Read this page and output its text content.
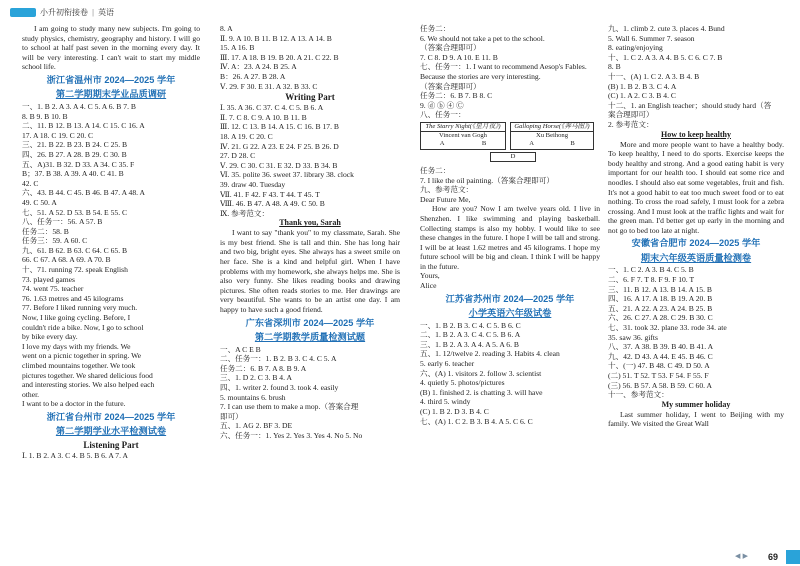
小升初衔接卷 | 英语

I am going to study many new subjects. I'm going to study physics, chemistry, geography and history. I will go to school at half past seven in the morning every day. It will be very interesting. I can't wait to start my middle school life.

浙江省温州市 2024—2025 学年
第二学期期末学业品质调研
一、1. B 2. A 3. A 4. C 5. A 6. B 7. B
8. B 9. B 10. B
二、11. B 12. B 13. A 14. C 15. C 16. A
17. A 18. C 19. C 20. C
三、21. B 22. B 23. B 24. C 25. B
四、26. B 27. A 28. B 29. C 30. B
五、A)31. B 32. D 33. A 34. C 35. F
B；37. B 38. A 39. A 40. C 41. B
42. C
六、43. B 44. C 45. B 46. B 47. A 48. A
49. C 50. A
七、51. A 52. D 53. B 54. E 55. C
八、任务一：56. A 57. B
任务二：58. B
任务三：59. A 60. C
九、61. B 62. B 63. C 64. C 65. B
66. C 67. A 68. A 69. A 70. B
十、71. running 72. speak English
73. played games
74. went 75. teacher
76. 1.63 metres and 45 kilograms
77. Before I liked running very much.
Now, I like going cycling. Before, I
couldn't ride a bike. Now, I go to school
by bike every day.
I love my days with my friends. We
went on a picnic together in spring. We
climbed mountains together. We took
pictures together. We shared delicious food
and interesting stories. We also helped each
other.
I want to be a doctor in the future.
浙江省台州市 2024—2025 学年
第二学期学业水平检测试卷
Listening Part
Ⅰ. 1. B 2. A 3. C 4. B 5. B 6. A 7. A
8. A
Ⅱ. 9. A 10. B 11. B 12. A 13. A 14. B
15. A 16. B
Ⅲ. 17. A 18. B 19. B 20. A 21. C 22. B
Ⅳ. A：23. A 24. B 25. A
B：26. A 27. B 28. A
Ⅴ. 29. F 30. E 31. A 32. B 33. C
Writing Part
Ⅰ. 35. A 36. C 37. C 4. C 5. B 6. A
Ⅱ. 7. C 8. C 9. A 10. B 11. B
Ⅲ. 12. C 13. B 14. A 15. C 16. B 17. B
18. A 19. C 20. C
Ⅳ. 21. G 22. A 23. E 24. F 25. B 26. D
27. D 28. C
Ⅴ. 29. C 30. C 31. E 32. D 33. B 34. B
Ⅵ. 35. polite 36. sweet 37. library 38. clock
39. draw 40. Tuesday
Ⅶ. 41. F 42. F 43. T 44. T 45. T
Ⅷ. 46. B 47. A 48. A 49. C 50. B
Ⅸ. 参考范文：
Thank you, Sarah

I want to say "thank you" to my classmate, Sarah. She is my best friend. She is tall and thin. She has long hair and two big, bright eyes. She always has a sweet smile on her face. She is a kind and helpful girl. When I have problems with my homework, she always helps me. She is also very funny. She likes reading books and drawing pictures. She often reads stories to me. Her drawings are very beautiful. She wants to be an artist one day. I am happy to have such a good friend.

广东省深圳市 2024—2025 学年
第二学期教学质量检测试题
一、A C E B
二、任务一：1. B 2. B 3. C 4. C 5. A
任务二：6. B 7. A 8. B 9. A
三、1. D 2. C 3. B 4. A
四、1. writer 2. found 3. took 4. easily
5. mountains 6. brush
7. I can use them to make a mop.（答案合理
即可）
五、1. AG 2. BF 3. DE
六、任务一：1. Yes 2. Yes 3. Yes 4. No 5. No
任务二：
6. We should not take a pet to the school.
（答案合理即可）
7. C 8. D 9. A 10. E 11. B
七、任务一：1. I want to recommend Aesop's Fables.
Because the stories are very interesting.
（答案合理即可）
任务二：6. B 7. B 8. C
9. ⓓ ⓑ ④ Ⓒ
八、任务一：
The Starry Night(《星月夜》)
Vincent van Gogh
A	B
Galloping Horse(《奔马图》)
Xu Beihong
A	B
D
任务二：
7. I like the oil painting.（答案合理即可）
九、参考范文：
Dear Future Me,

How are you? Now I am twelve years old. I live in Shenzhen. I like swimming and playing basketball. Collecting stamps is also my hobby. I would like to see these changes in the future. I hope I will be tall and strong. I will be at least 1.62 metres and 45 kilograms. I hope my future school will be big and clean. I think I will be happy in the future.

Yours,
Alice
江苏省苏州市 2024—2025 学年
小学英语六年级试卷
一、1. B 2. B 3. C 4. C 5. B 6. C
二、1. B 2. A 3. C 4. C 5. B 6. A
三、1. B 2. A 3. A 4. A 5. A 6. B
五、1. 12/twelve 2. reading 3. Habits 4. clean
5. early 6. teacher
六、(A) 1. visitors 2. follow 3. scientist
4. quietly 5. photos/pictures
(B) 1. finished 2. is chatting 3. will have
4. third 5. windy
(C) 1. B 2. D 3. B 4. C
七、(A) 1. C 2. B 3. B 4. A 5. C 6. C
九、1. climb 2. cute 3. places 4. Bund
5. Wall 6. Summer 7. season
8. eating/enjoying
十、1. C 2. A 3. A 4. B 5. C 6. C 7. B
8. B
十一、(A) 1. C 2. A 3. B 4. B
(B) 1. B 2. B 3. C 4. A
(C) 1. A 2. C 3. B 4. C
十二、1. an English teacher；should study hard（答
案合理即可）
2. 参考范文：
How to keep healthy

More and more people want to have a healthy body. To keep healthy, I need to do sports. Exercise keeps the body healthy and strong. And a good eating habit is very important for our health too. I should eat some rice and noodles. I should also eat some vegetables, fruit and fish. It's not a good habit to eat too much sweet food or to eat nothing. To cross the road safely, I must look for a zebra crossing. And I must look at the traffic lights and wait for the green man. I'd better get up early in the morning and not go to bed too late at night.

安徽省合肥市 2024—2025 学年
期末六年级英语质量检测卷
一、1. C 2. A 3. B 4. C 5. B
二、6. F 7. T 8. F 9. F 10. T
三、11. B 12. A 13. B 14. A 15. B
四、16. A 17. A 18. B 19. A 20. B
五、21. A 22. A 23. A 24. B 25. B
六、26. C 27. A 28. C 29. B 30. C
七、31. took 32. plane 33. rode 34. ate
35. saw 36. gifts
八、37. A 38. B 39. B 40. B 41. A
九、42. D 43. A 44. E 45. B 46. C
十、(一) 47. B 48. C 49. D 50. A
(二) 51. T 52. T 53. F 54. F 55. F
(三) 56. B 57. A 58. B 59. C 60. A
十一、参考范文：
My summer holiday

Last summer holiday, I went to Beijing with my family. We visited the Great Wall

◀ ▶ 69
